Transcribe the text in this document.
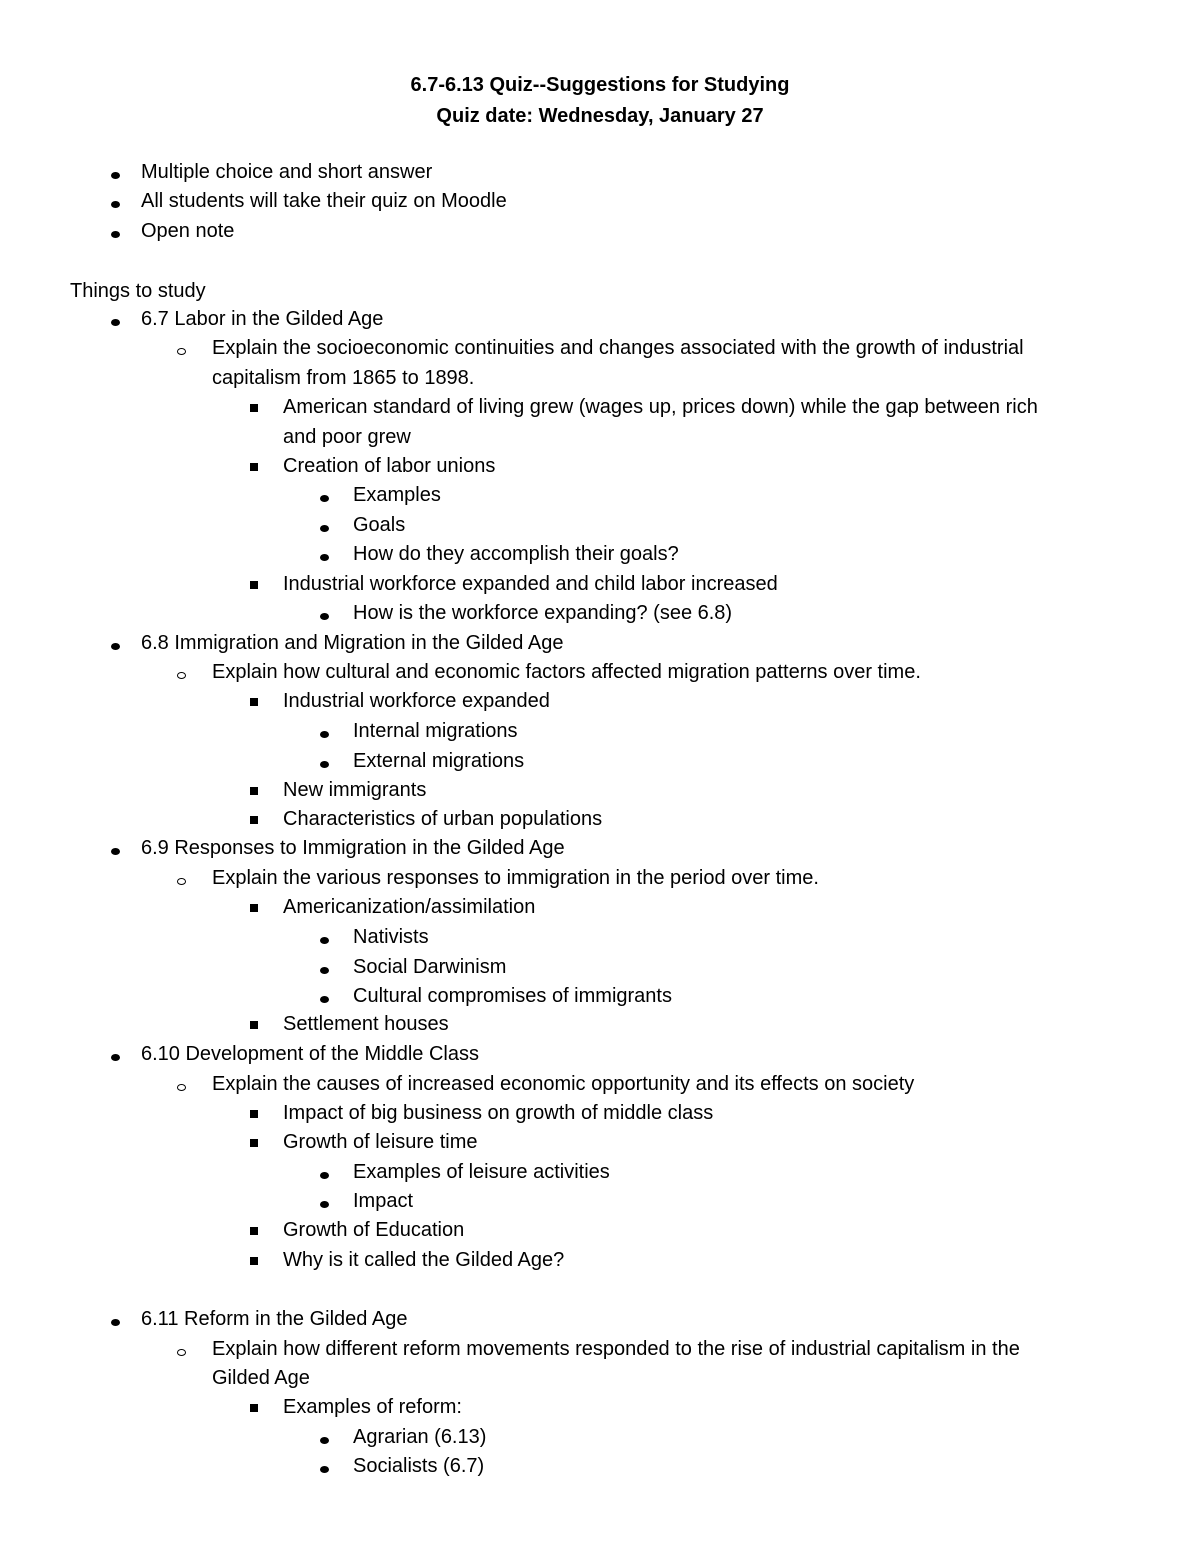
6.7-6.13 Quiz--Suggestions for Studying
Quiz date: Wednesday, January 27
Multiple choice and short answer
All students will take their quiz on Moodle
Open note
Things to study
6.7 Labor in the Gilded Age
Explain the socioeconomic continuities and changes associated with the growth of industrial
capitalism from 1865 to 1898.
American standard of living grew (wages up, prices down) while the gap between rich
and poor grew
Creation of labor unions
Examples
Goals
How do they accomplish their goals?
Industrial workforce expanded and child labor increased
How is the workforce expanding? (see 6.8)
6.8 Immigration and Migration in the Gilded Age
Explain how cultural and economic factors affected migration patterns over time.
Industrial workforce expanded
Internal migrations
External migrations
New immigrants
Characteristics of urban populations
6.9 Responses to Immigration in the Gilded Age
Explain the various responses to immigration in the period over time.
Americanization/assimilation
Nativists
Social Darwinism
Cultural compromises of immigrants
Settlement houses
6.10 Development of the Middle Class
Explain the causes of increased economic opportunity and its effects on society
Impact of big business on growth of middle class
Growth of leisure time
Examples of leisure activities
Impact
Growth of Education
Why is it called the Gilded Age?
6.11 Reform in the Gilded Age
Explain how different reform movements responded to the rise of industrial capitalism in the
Gilded Age
Examples of reform:
Agrarian (6.13)
Socialists (6.7)
